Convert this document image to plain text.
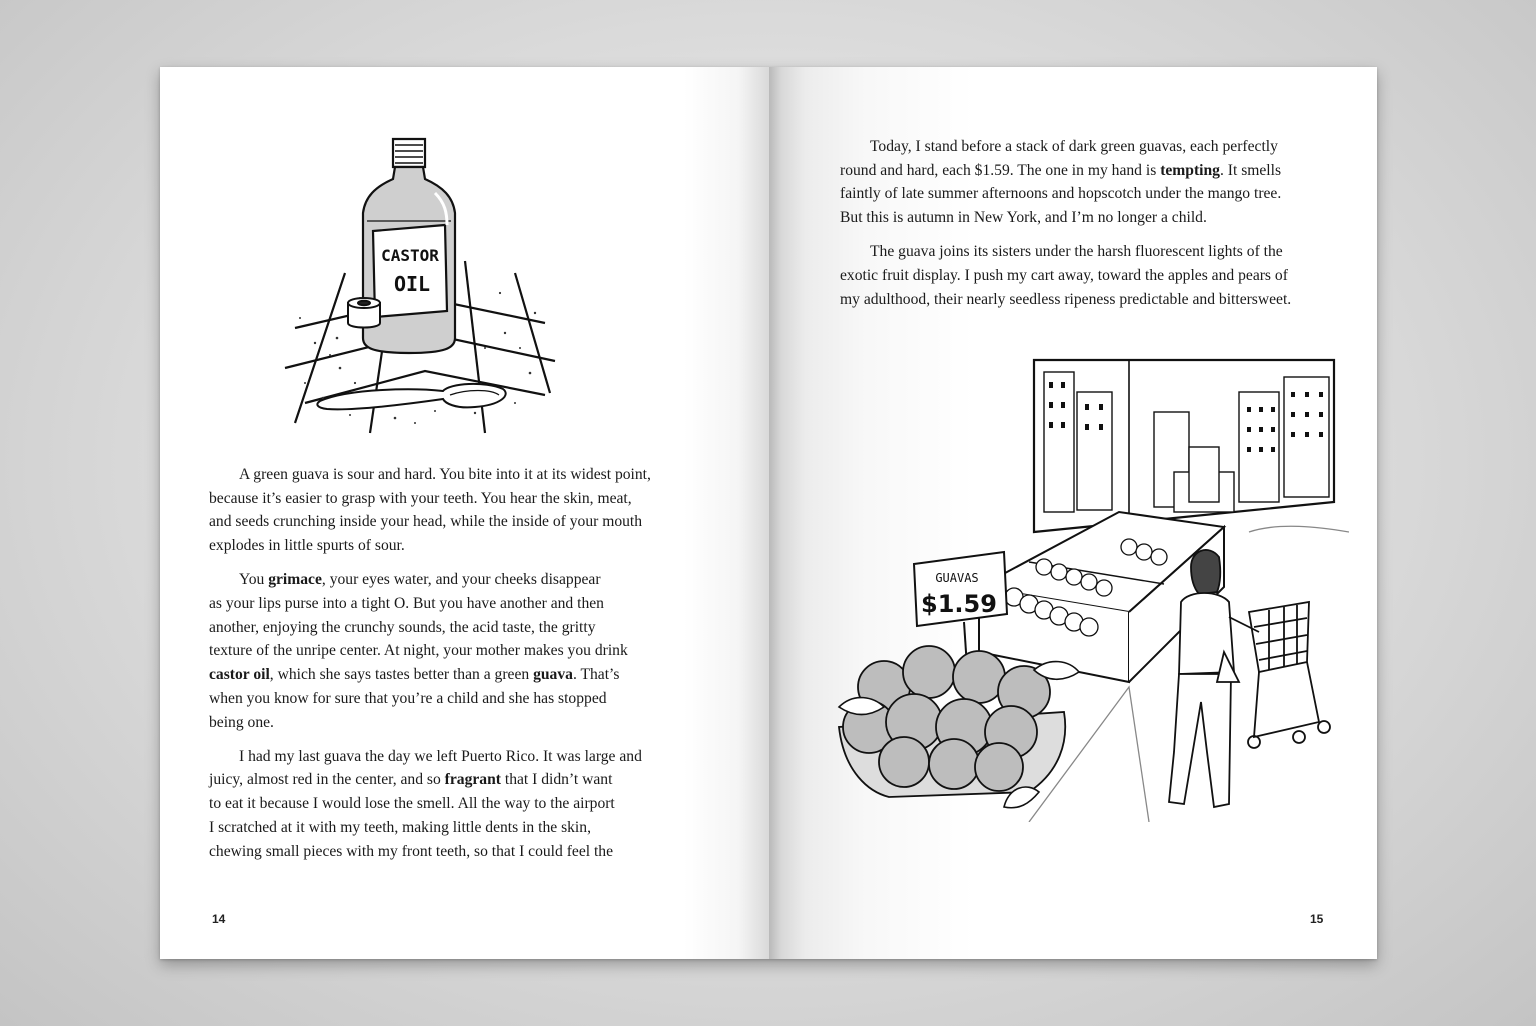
CASTOR
OIL

A green guava is sour and hard. You bite into it at its widest point,
because it’s easier to grasp with your teeth. You hear the skin, meat,
and seeds crunching inside your head, while the inside of your mouth
explodes in little spurts of sour.

You grimace, your eyes water, and your cheeks disappear
as your lips purse into a tight O. But you have another and then
another, enjoying the crunchy sounds, the acid taste, the gritty
texture of the unripe center. At night, your mother makes you drink
castor oil, which she says tastes better than a green guava. That’s
when you know for sure that you’re a child and she has stopped
being one.

I had my last guava the day we left Puerto Rico. It was large and
juicy, almost red in the center, and so fragrant that I didn’t want
to eat it because I would lose the smell. All the way to the airport
I scratched at it with my teeth, making little dents in the skin,
chewing small pieces with my front teeth, so that I could feel the

14

Today, I stand before a stack of dark green guavas, each perfectly
round and hard, each $1.59. The one in my hand is tempting. It smells
faintly of late summer afternoons and hopscotch under the mango tree.
But this is autumn in New York, and I’m no longer a child.

The guava joins its sisters under the harsh fluorescent lights of the
exotic fruit display. I push my cart away, toward the apples and pears of
my adulthood, their nearly seedless ripeness predictable and bittersweet.

GUAVAS
$1.59
15
